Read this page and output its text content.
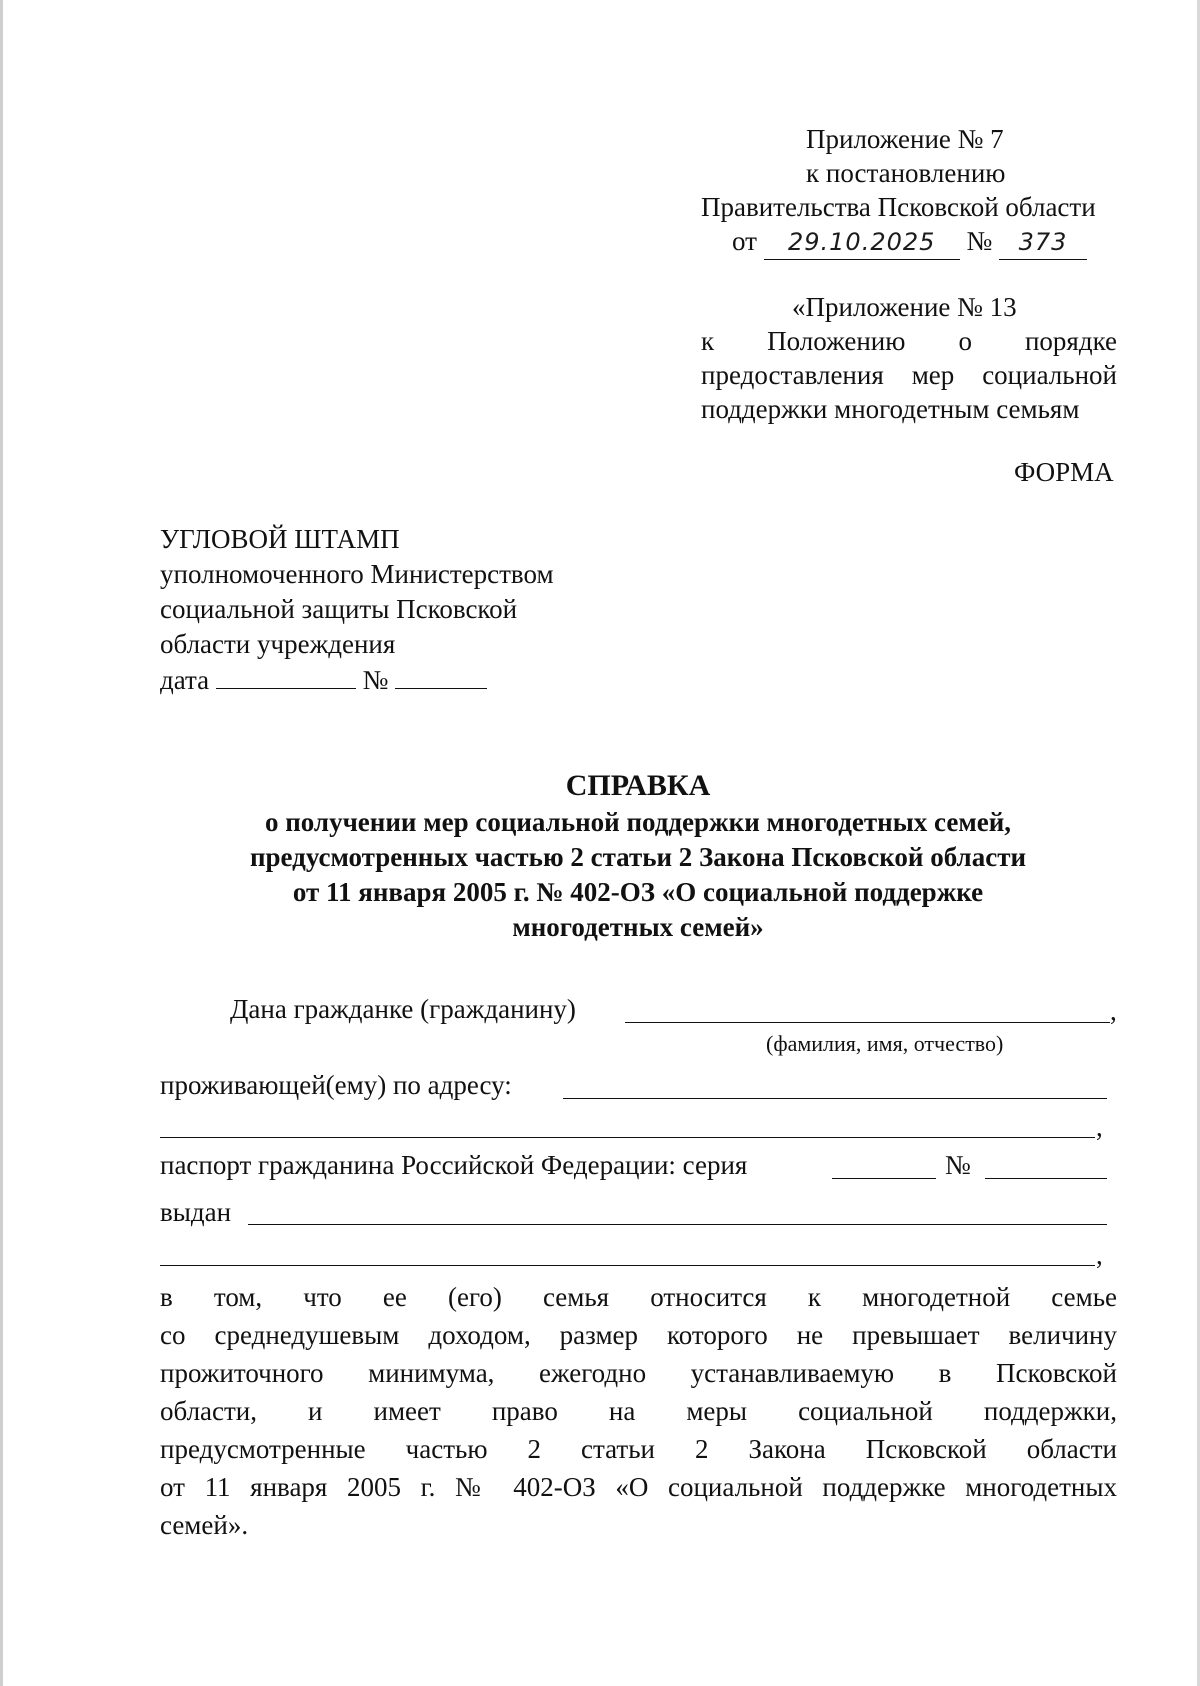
Приложение № 7
к постановлению
Правительства Псковской области
от 29.10.2025 № 373
«Приложение № 13
к Положению о порядке
предоставления мер социальной
поддержки многодетным семьям
ФОРМА
УГЛОВОЙ ШТАМП
уполномоченного Министерством
социальной защиты Псковской
области учреждения
дата	№
СПРАВКА
о получении мер социальной поддержки многодетных семей,
предусмотренных частью 2 статьи 2 Закона Псковской области
от 11 января 2005 г. № 402-ОЗ «О социальной поддержке
многодетных семей»
Дана гражданке (гражданину)	,
(фамилия, имя, отчество)
проживающей(ему) по адресу:
,
паспорт гражданина Российской Федерации: серия	№
выдан
,
в том, что ее (его) семья относится к многодетной семье
со среднедушевым доходом, размер которого не превышает величину
прожиточного минимума, ежегодно устанавливаемую в Псковской
области, и имеет право на меры социальной поддержки,
предусмотренные частью 2 статьи 2 Закона Псковской области
от 11 января 2005 г. № 402-ОЗ «О социальной поддержке многодетных
семей».
